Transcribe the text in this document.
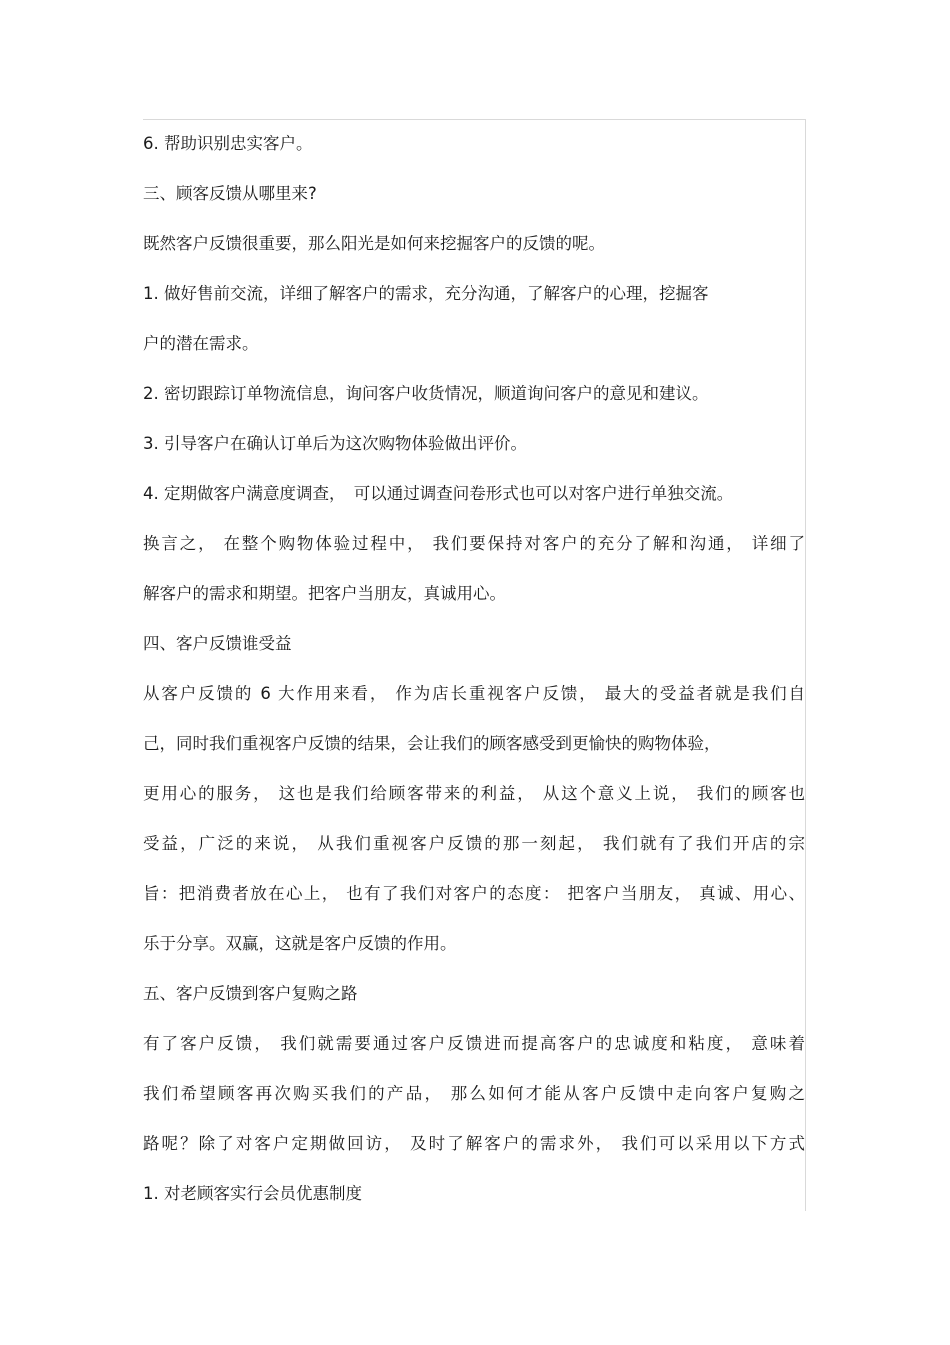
6. 帮助识别忠实客户。
三、顾客反馈从哪里来?
既然客户反馈很重要，那么阳光是如何来挖掘客户的反馈的呢。
1. 做好售前交流，详细了解客户的需求，充分沟通，了解客户的心理，挖掘客
户的潜在需求。
2. 密切跟踪订单物流信息，询问客户收货情况，顺道询问客户的意见和建议。
3. 引导客户在确认订单后为这次购物体验做出评价。
4. 定期做客户满意度调查，　可以通过调查问卷形式也可以对客户进行单独交流。
换言之， 在整个购物体验过程中， 我们要保持对客户的充分了解和沟通， 详细了
解客户的需求和期望。把客户当朋友，真诚用心。
四、客户反馈谁受益
从客户反馈的 6 大作用来看， 作为店长重视客户反馈， 最大的受益者就是我们自
己，同时我们重视客户反馈的结果，会让我们的顾客感受到更愉快的购物体验，
更用心的服务， 这也是我们给顾客带来的利益， 从这个意义上说， 我们的顾客也
受益，广泛的来说， 从我们重视客户反馈的那一刻起， 我们就有了我们开店的宗
旨：把消费者放在心上， 也有了我们对客户的态度： 把客户当朋友， 真诚、用心、
乐于分享。双赢，这就是客户反馈的作用。
五、客户反馈到客户复购之路
有了客户反馈， 我们就需要通过客户反馈进而提高客户的忠诚度和粘度， 意味着
我们希望顾客再次购买我们的产品， 那么如何才能从客户反馈中走向客户复购之
路呢？除了对客户定期做回访， 及时了解客户的需求外， 我们可以采用以下方式
1. 对老顾客实行会员优惠制度
